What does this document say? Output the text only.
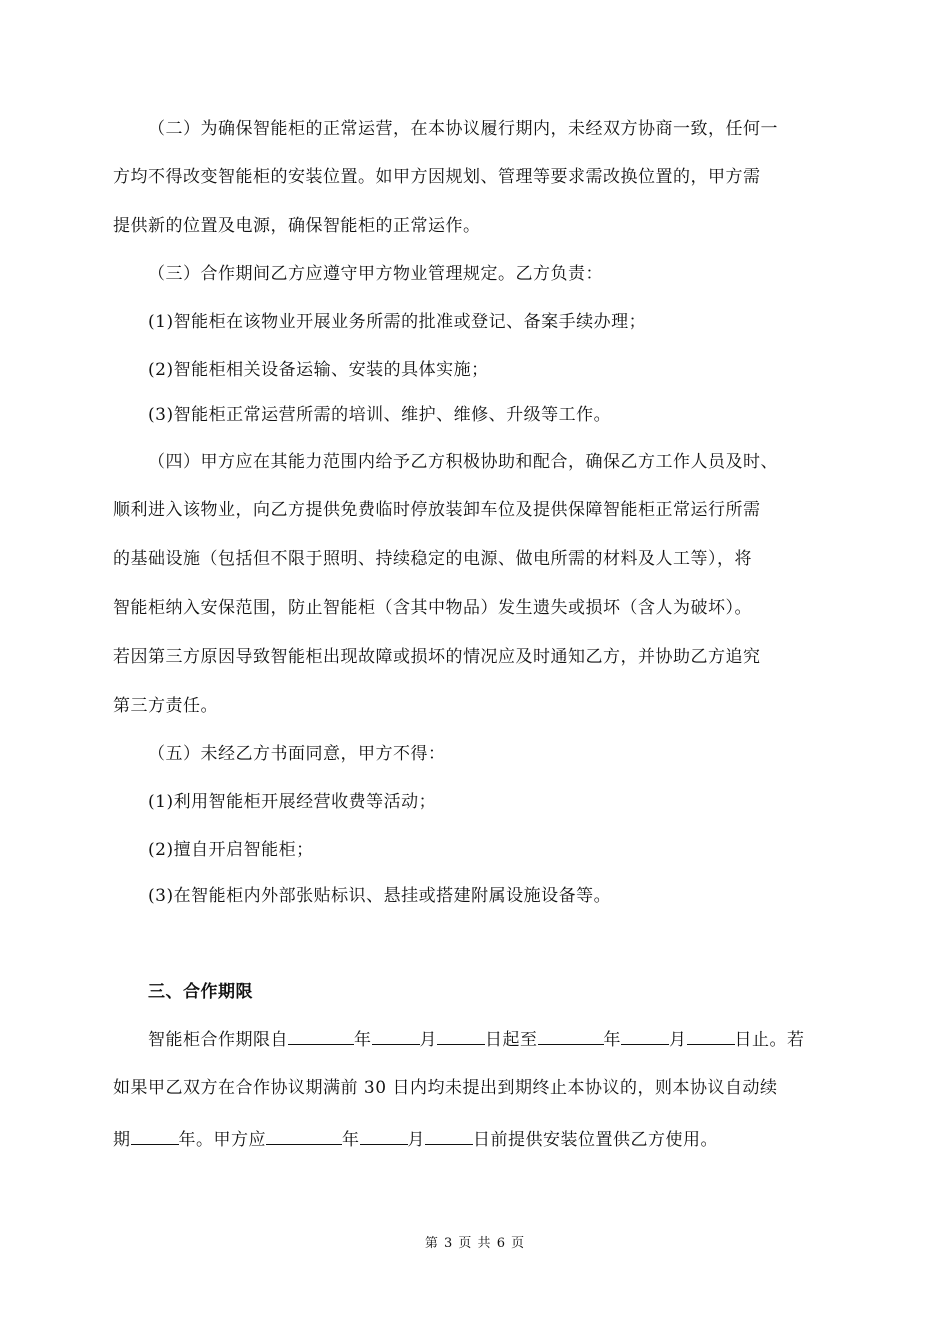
（二）为确保智能柜的正常运营，在本协议履行期内，未经双方协商一致，任何一
方均不得改变智能柜的安装位置。如甲方因规划、管理等要求需改换位置的，甲方需
提供新的位置及电源，确保智能柜的正常运作。
（三）合作期间乙方应遵守甲方物业管理规定。乙方负责：
(1)智能柜在该物业开展业务所需的批准或登记、备案手续办理；
(2)智能柜相关设备运输、安装的具体实施；
(3)智能柜正常运营所需的培训、维护、维修、升级等工作。
（四）甲方应在其能力范围内给予乙方积极协助和配合，确保乙方工作人员及时、
顺利进入该物业，向乙方提供免费临时停放装卸车位及提供保障智能柜正常运行所需
的基础设施（包括但不限于照明、持续稳定的电源、做电所需的材料及人工等），将
智能柜纳入安保范围，防止智能柜（含其中物品）发生遗失或损坏（含人为破坏）。
若因第三方原因导致智能柜出现故障或损坏的情况应及时通知乙方，并协助乙方追究
第三方责任。
（五）未经乙方书面同意，甲方不得：
(1)利用智能柜开展经营收费等活动；
(2)擅自开启智能柜；
(3)在智能柜内外部张贴标识、悬挂或搭建附属设施设备等。
三、合作期限
智能柜合作期限自	年	月	日起至	年	月	日止。若
如果甲乙双方在合作协议期满前 30 日内均未提出到期终止本协议的，则本协议自动续
期	年。甲方应	年	月	日前提供安装位置供乙方使用。
第 3 页 共 6 页
